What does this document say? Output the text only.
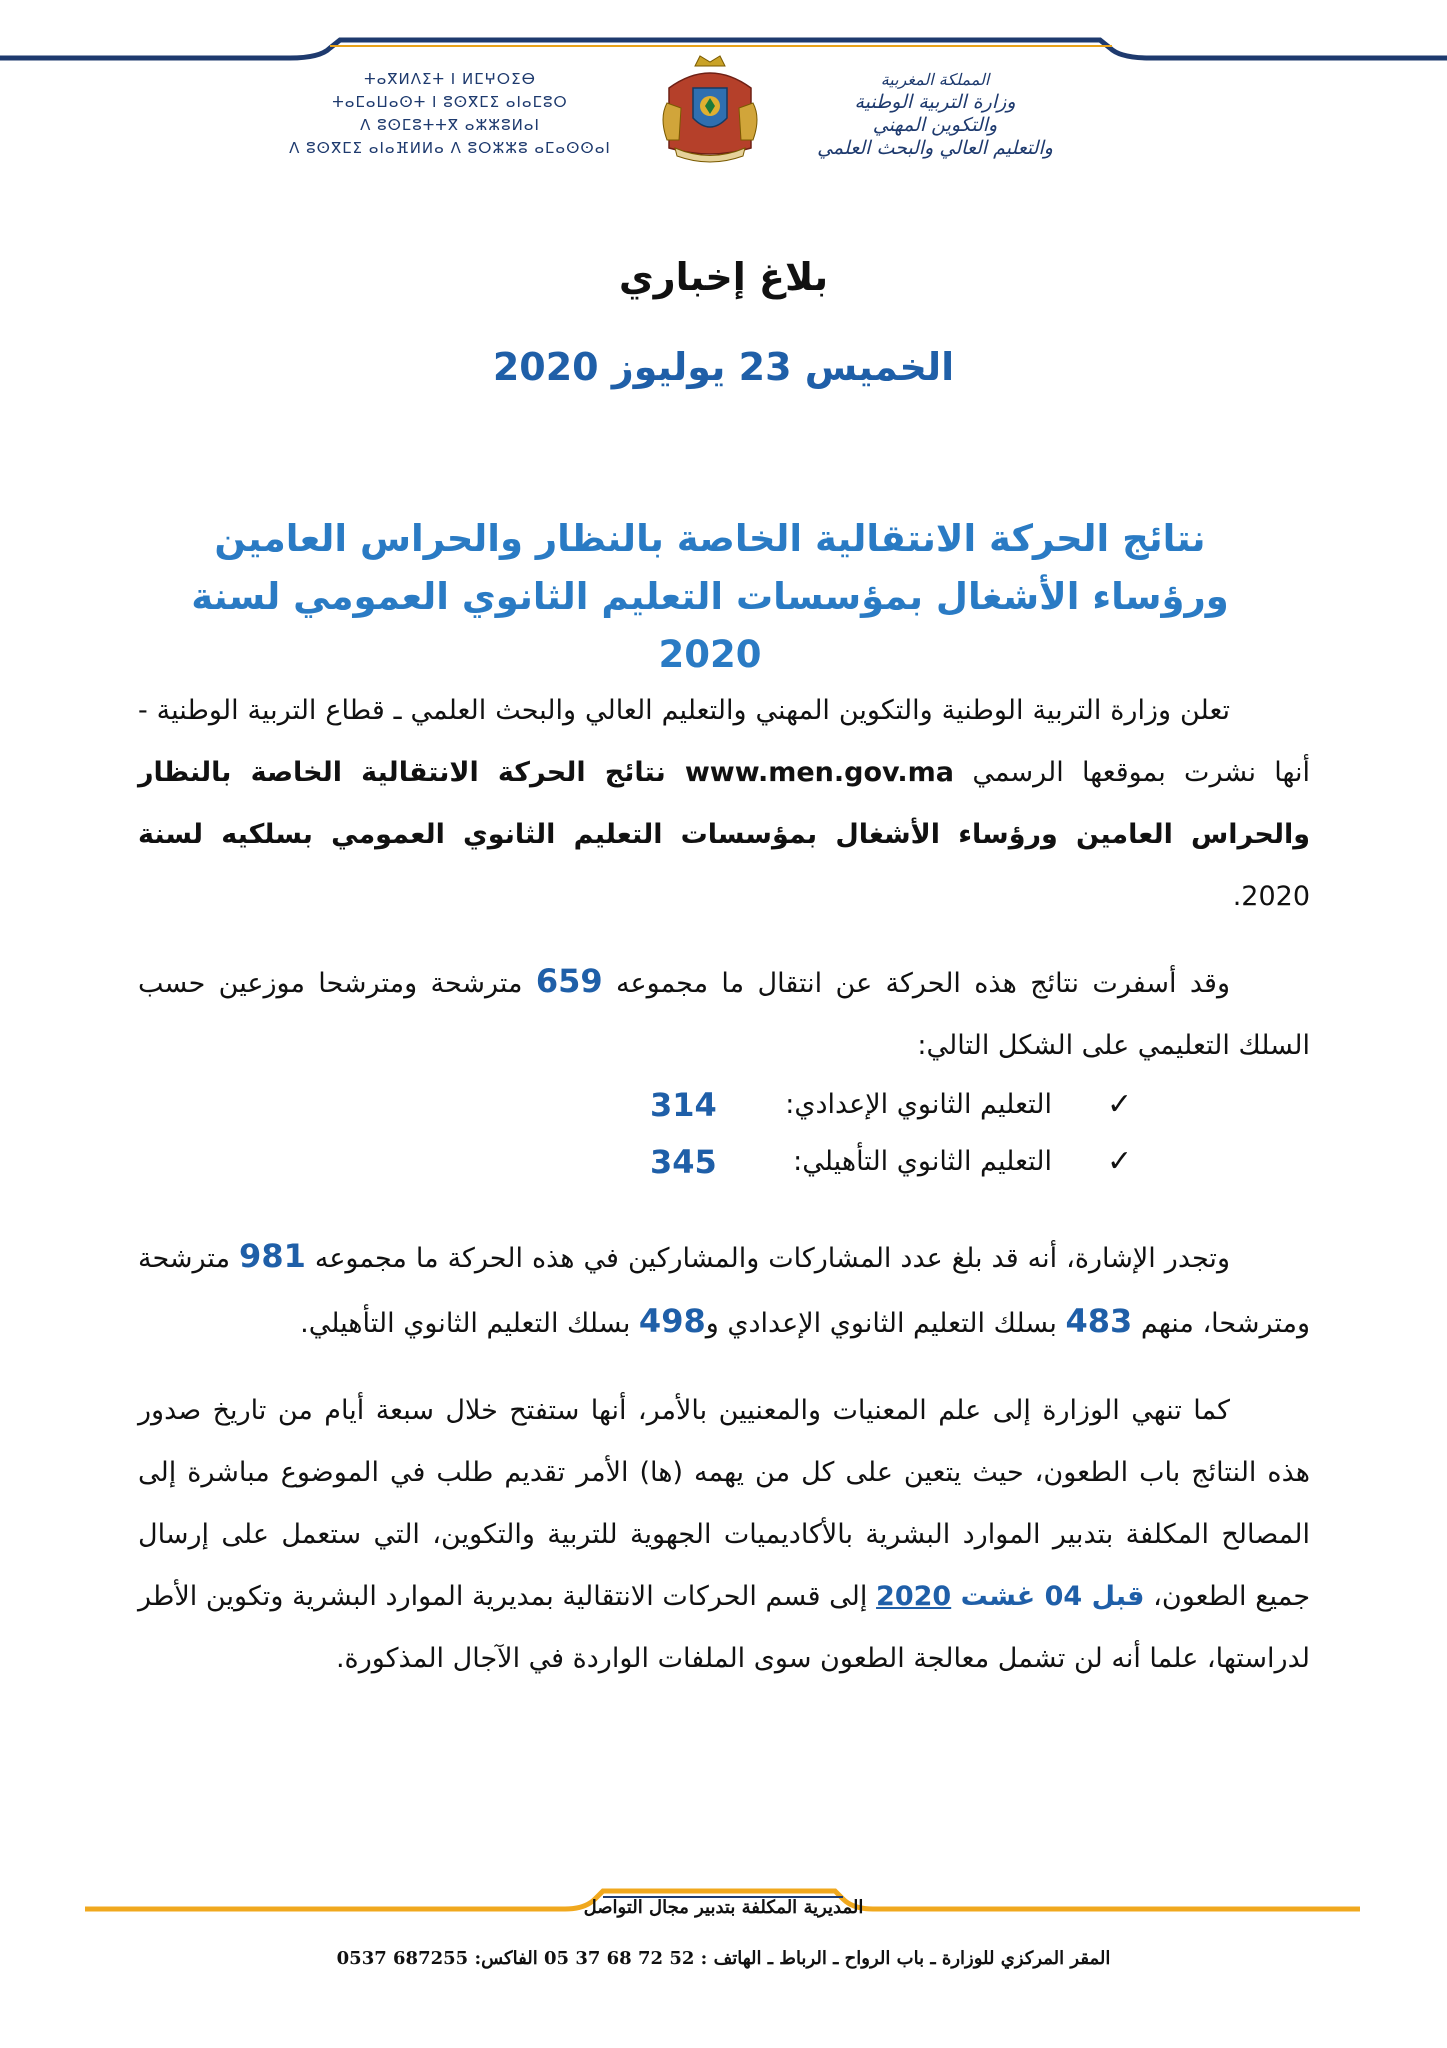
ⵜⴰⴳⵍⴷⵉⵜ ⵏ ⵍⵎⵖⵔⵉⴱ
ⵜⴰⵎⴰⵡⴰⵙⵜ ⵏ ⵓⵙⴳⵎⵉ ⴰⵏⴰⵎⵓⵔ
ⴷ ⵓⵙⵎⵓⵜⵜⴳ ⴰⵣⵣⵓⵍⴰⵏ
ⴷ ⵓⵙⴳⵎⵉ ⴰⵏⴰⴼⵍⵍⴰ ⴷ ⵓⵔⵣⵣⵓ ⴰⵎⴰⵙⵙⴰⵏ
المملكة المغربية
وزارة التربية الوطنية
والتكوين المهني
والتعليم العالي والبحث العلمي
بلاغ إخباري
الخميس 23 يوليوز 2020
نتائج الحركة الانتقالية الخاصة بالنظار والحراس العامين
ورؤساء الأشغال بمؤسسات التعليم الثانوي العمومي لسنة 2020
تعلن وزارة التربية الوطنية والتكوين المهني والتعليم العالي والبحث العلمي ـ قطاع التربية الوطنية - أنها نشرت بموقعها الرسمي www.men.gov.ma نتائج الحركة الانتقالية الخاصة بالنظار والحراس العامين ورؤساء الأشغال بمؤسسات التعليم الثانوي العمومي بسلكيه لسنة 2020.
وقد أسفرت نتائج هذه الحركة عن انتقال ما مجموعه 659 مترشحة ومترشحا موزعين حسب السلك التعليمي على الشكل التالي:
✓
التعليم الثانوي الإعدادي:
314
✓
التعليم الثانوي التأهيلي:
345
وتجدر الإشارة، أنه قد بلغ عدد المشاركات والمشاركين في هذه الحركة ما مجموعه 981 مترشحة ومترشحا، منهم 483 بسلك التعليم الثانوي الإعدادي و498 بسلك التعليم الثانوي التأهيلي.
كما تنهي الوزارة إلى علم المعنيات والمعنيين بالأمر، أنها ستفتح خلال سبعة أيام من تاريخ صدور هذه النتائج باب الطعون، حيث يتعين على كل من يهمه (ها) الأمر تقديم طلب في الموضوع مباشرة إلى المصالح المكلفة بتدبير الموارد البشرية بالأكاديميات الجهوية للتربية والتكوين، التي ستعمل على إرسال جميع الطعون، قبل 04 غشت 2020 إلى قسم الحركات الانتقالية بمديرية الموارد البشرية وتكوين الأطر لدراستها، علما أنه لن تشمل معالجة الطعون سوى الملفات الواردة في الآجال المذكورة.
المديرية المكلفة بتدبير مجال التواصل
المقر المركزي للوزارة ـ باب الرواح ـ الرباط ـ الهاتف : 52 72 68 37 05 الفاكس: 687255 0537
